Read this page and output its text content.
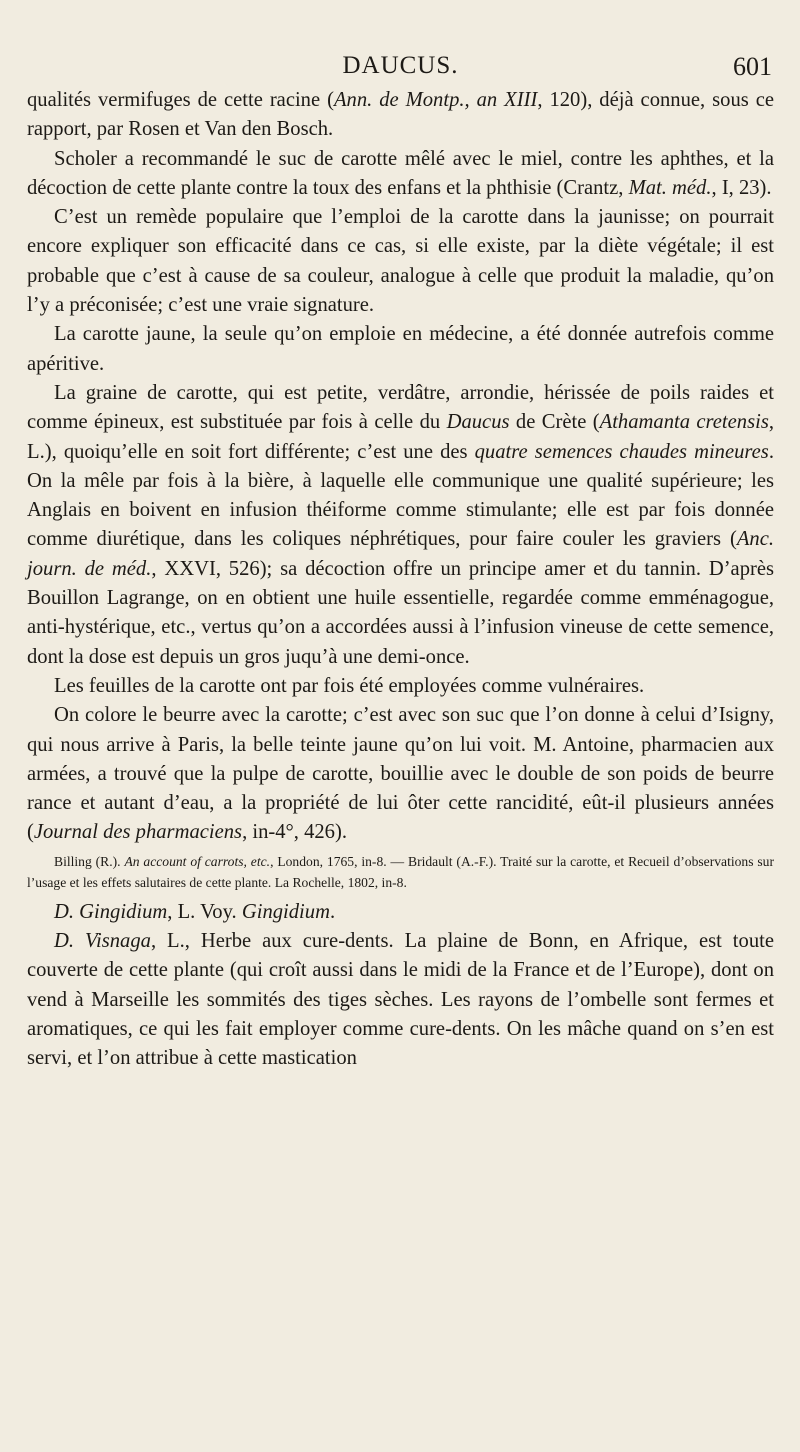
DAUCUS.	601

qualités vermifuges de cette racine (Ann. de Montp., an XIII, 120), déjà connue, sous ce rapport, par Rosen et Van den Bosch.

Scholer a recommandé le suc de carotte mêlé avec le miel, contre les aphthes, et la décoction de cette plante contre la toux des enfans et la phthisie (Crantz, Mat. méd., I, 23).

C’est un remède populaire que l’emploi de la carotte dans la jaunisse; on pourrait encore expliquer son efficacité dans ce cas, si elle existe, par la diète végétale; il est probable que c’est à cause de sa couleur, analogue à celle que produit la maladie, qu’on l’y a préconisée; c’est une vraie signature.

La carotte jaune, la seule qu’on emploie en médecine, a été donnée autrefois comme apéritive.

La graine de carotte, qui est petite, verdâtre, arrondie, hérissée de poils raides et comme épineux, est substituée par fois à celle du Daucus de Crète (Athamanta cretensis, L.), quoiqu’elle en soit fort différente; c’est une des quatre semences chaudes mineures. On la mêle par fois à la bière, à laquelle elle communique une qualité supérieure; les Anglais en boivent en infusion théiforme comme stimulante; elle est par fois donnée comme diurétique, dans les coliques néphrétiques, pour faire couler les graviers (Anc. journ. de méd., XXVI, 526); sa décoction offre un principe amer et du tannin. D’après Bouillon Lagrange, on en obtient une huile essentielle, regardée comme emménagogue, anti-hystérique, etc., vertus qu’on a accordées aussi à l’infusion vineuse de cette semence, dont la dose est depuis un gros juqu’à une demi-once.

Les feuilles de la carotte ont par fois été employées comme vulnéraires.

On colore le beurre avec la carotte; c’est avec son suc que l’on donne à celui d’Isigny, qui nous arrive à Paris, la belle teinte jaune qu’on lui voit. M. Antoine, pharmacien aux armées, a trouvé que la pulpe de carotte, bouillie avec le double de son poids de beurre rance et autant d’eau, a la propriété de lui ôter cette rancidité, eût-il plusieurs années (Journal des pharmaciens, in-4°, 426).

Billing (R.). An account of carrots, etc., London, 1765, in-8. — Bridault (A.-F.). Traité sur la carotte, et Recueil d’observations sur l’usage et les effets salutaires de cette plante. La Rochelle, 1802, in-8.

D. Gingidium, L. Voy. Gingidium.

D. Visnaga, L., Herbe aux cure-dents. La plaine de Bonn, en Afrique, est toute couverte de cette plante (qui croît aussi dans le midi de la France et de l’Europe), dont on vend à Marseille les sommités des tiges sèches. Les rayons de l’ombelle sont fermes et aromatiques, ce qui les fait employer comme cure-dents. On les mâche quand on s’en est servi, et l’on attribue à cette mastication
